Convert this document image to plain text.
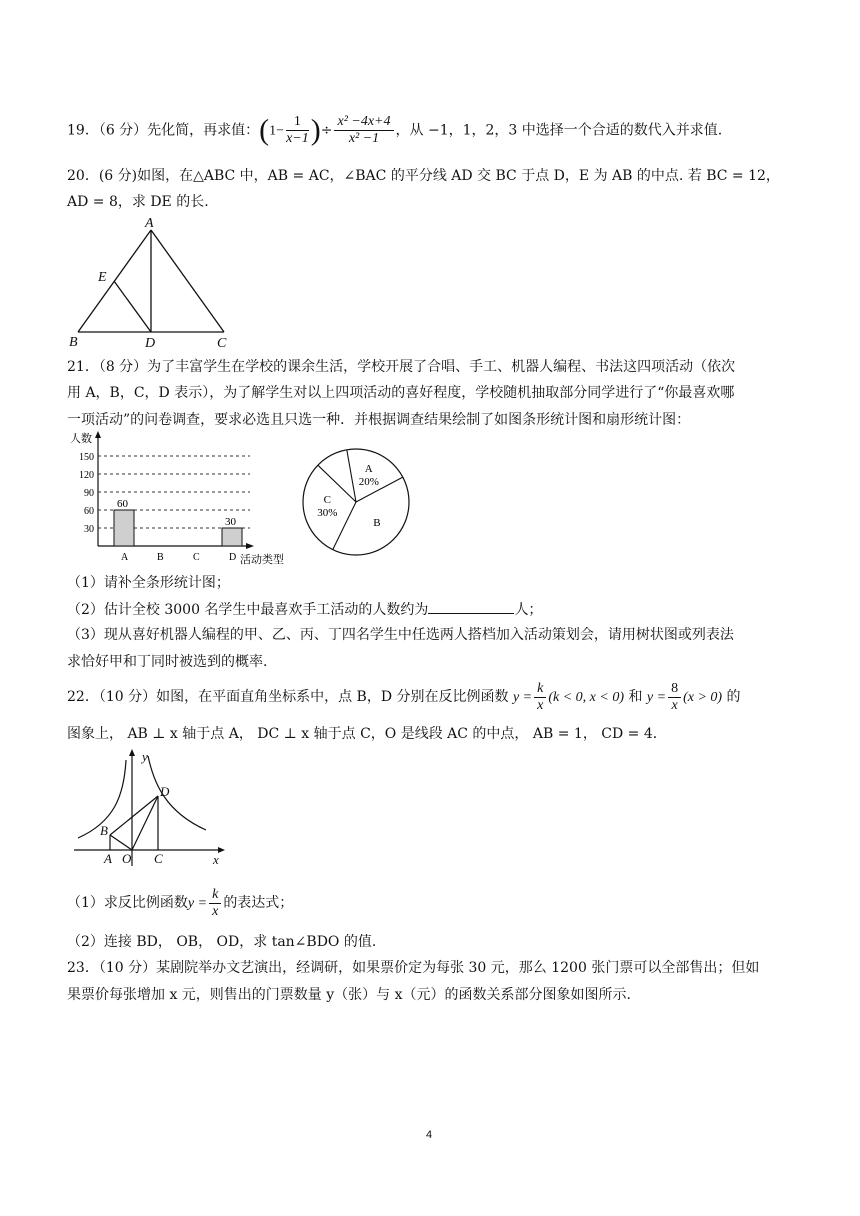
19．（6 分）先化简，再求值：($1- \frac{1}{x-1}$ )÷ $\frac{\text{x² −4x+4}}{\text{x² −1}}$ ，从 −1，1，2，3 中选择一个合适的数代入并求值.
20．(6 分)如图，在△ABC 中，AB = AC，∠BAC 的平分线 AD 交 BC 于点 D，E 为 AB 的中点. 若 BC = 12，
AD = 8，求 DE 的长.
A
B	D	C
E
21．（8 分）为了丰富学生在学校的课余生活，学校开展了合唱、手工、机器人编程、书法这四项活动（依次
用 A，B，C，D 表示），为了解学生对以上四项活动的喜好程度，学校随机抽取部分同学进行了“你最喜欢哪
一项活动”的问卷调查，要求必选且只选一种．并根据调查结果绘制了如图条形统计图和扇形统计图：
人数
活动类型
30
60
90
120
150
A
60
B	C	D
30
A
20%
B
C
30%
（1）请补全条形统计图；
（2）估计全校 3000 名学生中最喜欢手工活动的人数约为	人；
（3）现从喜好机器人编程的甲、乙、丙、丁四名学生中任选两人搭档加入活动策划会，请用树状图或列表法
求恰好甲和丁同时被选到的概率.
22．（10 分）如图，在平面直角坐标系中，点 B，D 分别在反比例函数 $y = \frac{k}{x} (k < 0$, x < 0) 和 $y = \frac{8}{x} (x > 0)$ 的
图象上， AB ⊥ x 轴于点 A， DC ⊥ x 轴于点 C，O 是线段 AC 的中点， AB = 1， CD = 4．
y
x
B
D
A O C
（1）求反比例函数$y = \frac{k}{x}$ 的表达式；
（2）连接 BD， OB， OD，求 tan∠BDO 的值.
23．（10 分）某剧院举办文艺演出，经调研，如果票价定为每张 30 元，那么 1200 张门票可以全部售出；但如
果票价每张增加 x 元，则售出的门票数量 y（张）与 x（元）的函数关系部分图象如图所示.
4
